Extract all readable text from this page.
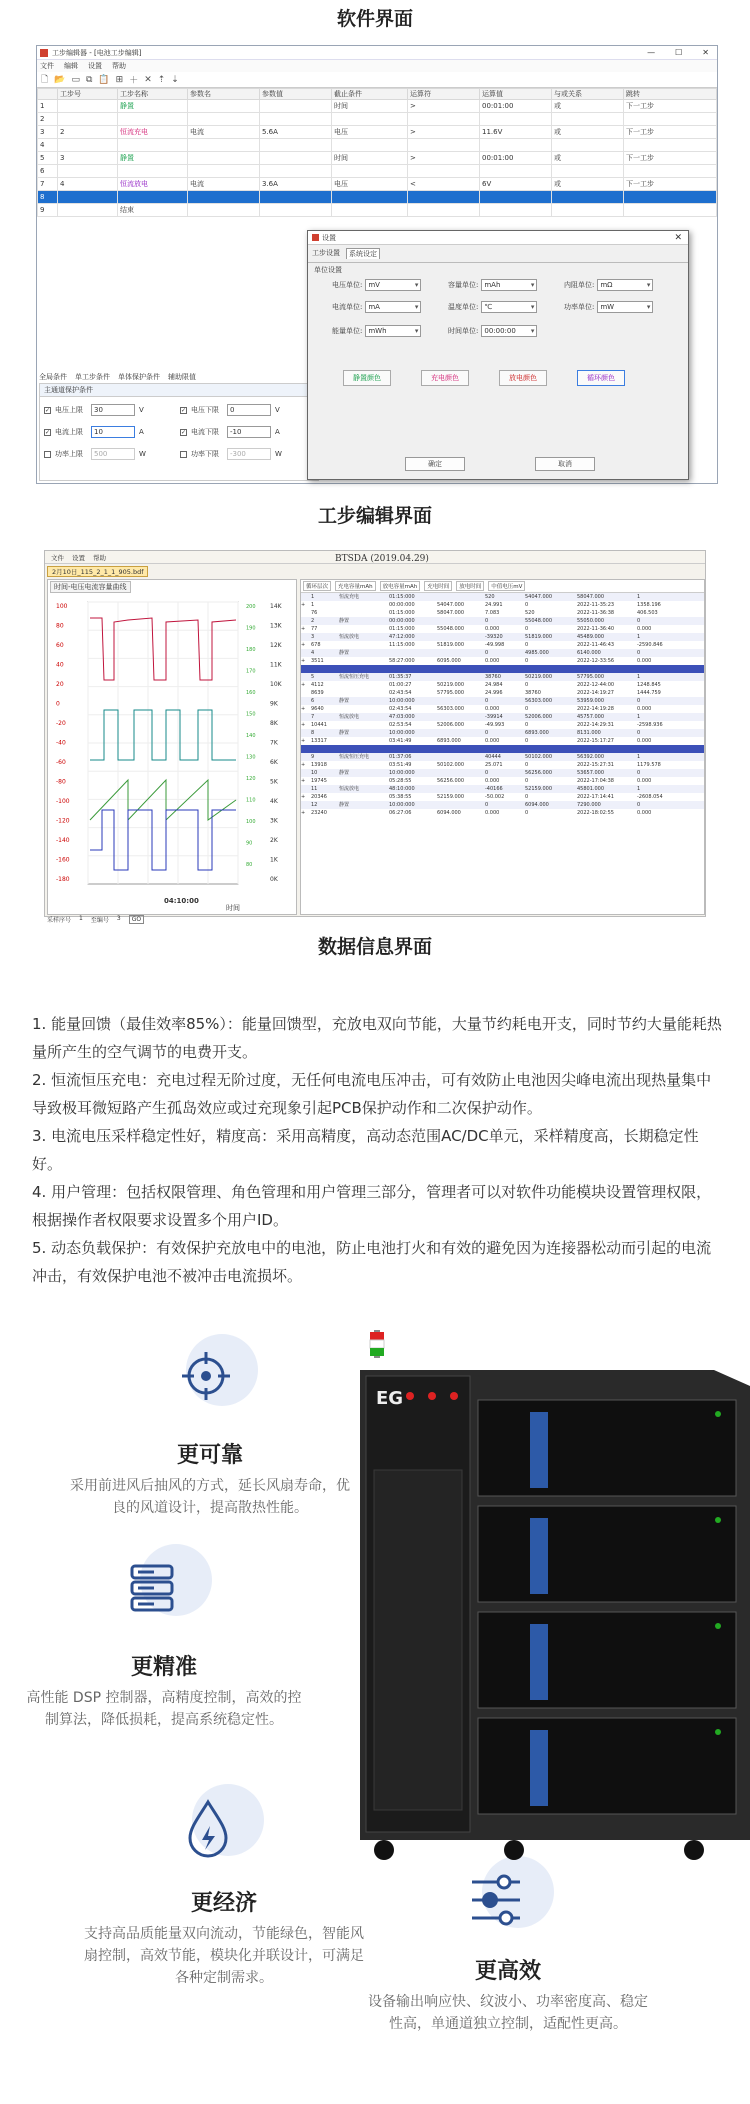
软件界面
工步编辑器 - [电池工步编辑]	—	☐	✕
文件 编辑 设置 帮助
🗋 📂 ▭ ⧉ 📋 ⊞ ＋ ✕ ⇡ ⇣
	工步号	工步名称	参数名	参数值	截止条件	运算符	运算值	与或关系	跳转
1		静置			时间	>	00:01:00	或	下一工步
2									
3	2	恒流充电	电流	5.6A	电压	>	11.6V	或	下一工步
4									
5	3	静置			时间	>	00:01:00	或	下一工步
6									
7	4	恒流放电	电流	3.6A	电压	<	6V	或	下一工步
8									
9		结束							
全局条件 单工步条件 单体保护条件 辅助限值
主通道保护条件
✓ 电压上限	30	V	✓ 电压下限	0	V
✓ 电流上限	10	A	✓ 电流下限	-10	A
功率上限	500	W	功率下限	-300	W
设置	✕
工步设置	系统设定
单位设置
电压单位: mV ▾	容量单位: mAh ▾	内阻单位: mΩ ▾
电流单位: mA ▾	温度单位: ℃ ▾	功率单位: mW ▾
能量单位: mWh ▾	时间单位: 00:00:00 ▾
静置颜色	充电颜色	放电颜色	循环颜色
确定	取消
工步编辑界面
文件 设置 帮助	BTSDA (2019.04.29)
2月10日_115_2_1_1_905.bdf
时间-电压电流容量曲线
100
80
60
40
20
0
-20
-40
-60
-80
-100
-120
-140
-160
-180
200
190
180
170
160
150
140
130
120
110
100
90
80
14K
13K
12K
11K
10K
9K
8K
7K
6K
5K
4K
3K
2K
1K
0K
04:10:00
时间
循环层次	充电容量mAh	放电容量mAh	充电时间	放电时间	中值电压mV
1	恒流充电	01:15:000	520	54047.000	58047.000	1
+	1	00:00:000	54047.000	24.991	0	2022-11-35:23	1358.196
76	01:15:000	58047.000	7.083	520	2022-11-36:38	406.503
2	静置	00:00:000	0	55048.000	55050.000	0
+	77	01:15:000	55048.000	0.000	0	2022-11-36:40	0.000
3	恒流放电	47:12:000	-39320	51819.000	45489.000	1
+	678	11:15:000	51819.000	-49.998	0	2022-11-46:43	-2590.846
4	静置	0	4985.000	6140.000	0
+	3511	58:27:000	6095.000	0.000	0	2022-12-33:56	0.000
5	恒流恒压充电	01:35:37	38760	50219.000	57795.000	1
+	4112	01:00:27	50219.000	24.984	0	2022-12-44:00	1248.845
8639	02:43:54	57795.000	24.996	38760	2022-14:19:27	1444.759
6	静置	10:00:000	0	56303.000	53959.000	0
+	9640	02:43:54	56303.000	0.000	0	2022-14:19:28	0.000
7	恒流放电	47:03:000	-39914	52006.000	45757.000	1
+	10441	02:53:54	52006.000	-49.993	0	2022-14:29:31	-2598.936
8	静置	10:00:000	0	6893.000	8131.000	0
+	13317	03:41:49	6893.000	0.000	0	2022-15:17:27	0.000
9	恒流恒压充电	01:37:06	40444	50102.000	56392.000	1
+	13918	03:51:49	50102.000	25.071	0	2022-15:27:31	1179.578
10	静置	10:00:000	0	56256.000	53657.000	0
+	19745	05:28:55	56256.000	0.000	0	2022-17:04:38	0.000
11	恒流放电	48:10:000	-40166	52159.000	45801.000	1
+	20346	05:38:55	52159.000	-50.002	0	2022-17:14:41	-2608.054
12	静置	10:00:000	0	6094.000	7290.000	0
+	23240	06:27:06	6094.000	0.000	0	2022-18:02:55	0.000
采样序号 1 至编号 3	GO
数据信息界面

1. 能量回馈（最佳效率85%）：能量回馈型，充放电双向节能，大量节约耗电开支，同时节约大量能耗热量所产生的空气调节的电费开支。

2. 恒流恒压充电：充电过程无阶过度，无任何电流电压冲击，可有效防止电池因尖峰电流出现热量集中导致极耳微短路产生孤岛效应或过充现象引起PCB保护动作和二次保护动作。

3. 电流电压采样稳定性好，精度高：采用高精度，高动态范围AC/DC单元，采样精度高，长期稳定性好。

4. 用户管理：包括权限管理、角色管理和用户管理三部分，管理者可以对软件功能模块设置管理权限，根据操作者权限要求设置多个用户ID。

5. 动态负载保护：有效保护充放电中的电池，防止电池打火和有效的避免因为连接器松动而引起的电流冲击，有效保护电池不被冲击电流损坏。

更可靠
采用前进风后抽风的方式，延长风扇寿命，优良的风道设计，提高散热性能。
更精准
高性能 DSP 控制器，高精度控制，高效的控制算法，降低损耗，提高系统稳定性。
更经济
支持高品质能量双向流动，节能绿色，智能风扇控制，高效节能，模块化并联设计，可满足各种定制需求。	更高效
设备输出响应快、纹波小、功率密度高、稳定性高，单通道独立控制，适配性更高。
EG
